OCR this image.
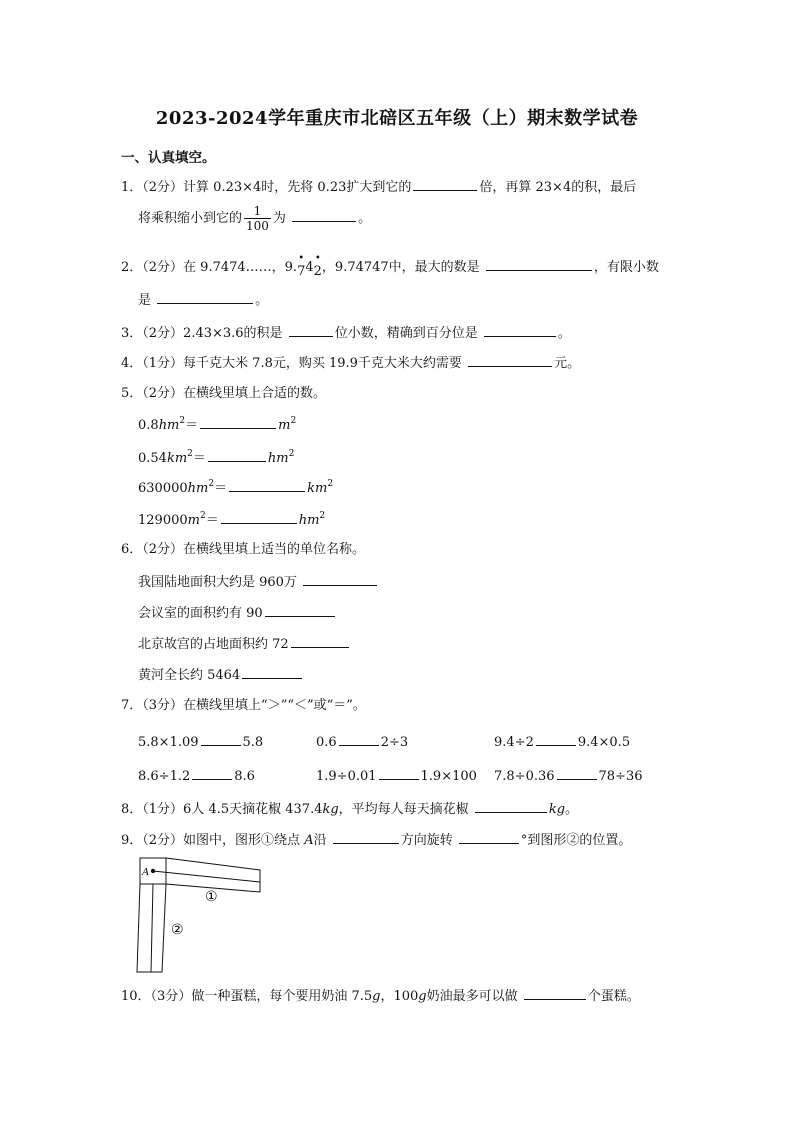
2023-2024学年重庆市北碚区五年级（上）期末数学试卷
一、认真填空。
1．（2分）计算 0.23×4时，先将 0.23扩大到它的	倍，再算 23×4的积，最后
将乘积缩小到它的 $\frac{1}{100}$ 为	。
2．（2分）在 9.7474……，9.
•
74
•
2，9.74747中，最大的数是	，有限小数
是	。
3．（2分）2.43×3.6的积是	位小数，精确到百分位是	。
4．（1分）每千克大米 7.8元，购买 19.9千克大米大约需要	元。
5．（2分）在横线里填上合适的数。
$0.8hm^2=$	$m^2$
$0.54km^2=$	$hm^2$
$630000hm^2=$	$km^2$
$129000m^2=$	$hm^2$
6．（2分）在横线里填上适当的单位名称。
我国陆地面积大约是 960万
会议室的面积约有 90
北京故宫的占地面积约 72
黄河全长约 5464
7．（3分）在横线里填上“＞”“＜”或“＝”。
5.8×1.09	5.8	0.6	2÷3	9.4÷2	9.4×0.5
8.6÷1.2	8.6	1.9÷0.01	1.9×100 7.8÷0.36	78÷36
8．（1分）6人 4.5天摘花椒 437.4kg，平均每人每天摘花椒	kg。
9．（2分）如图中，图形①绕点 A沿	方向旋转	°到图形②的位置。
A
①
②
10．（3分）做一种蛋糕，每个要用奶油 7.5g，100g奶油最多可以做	个蛋糕。
